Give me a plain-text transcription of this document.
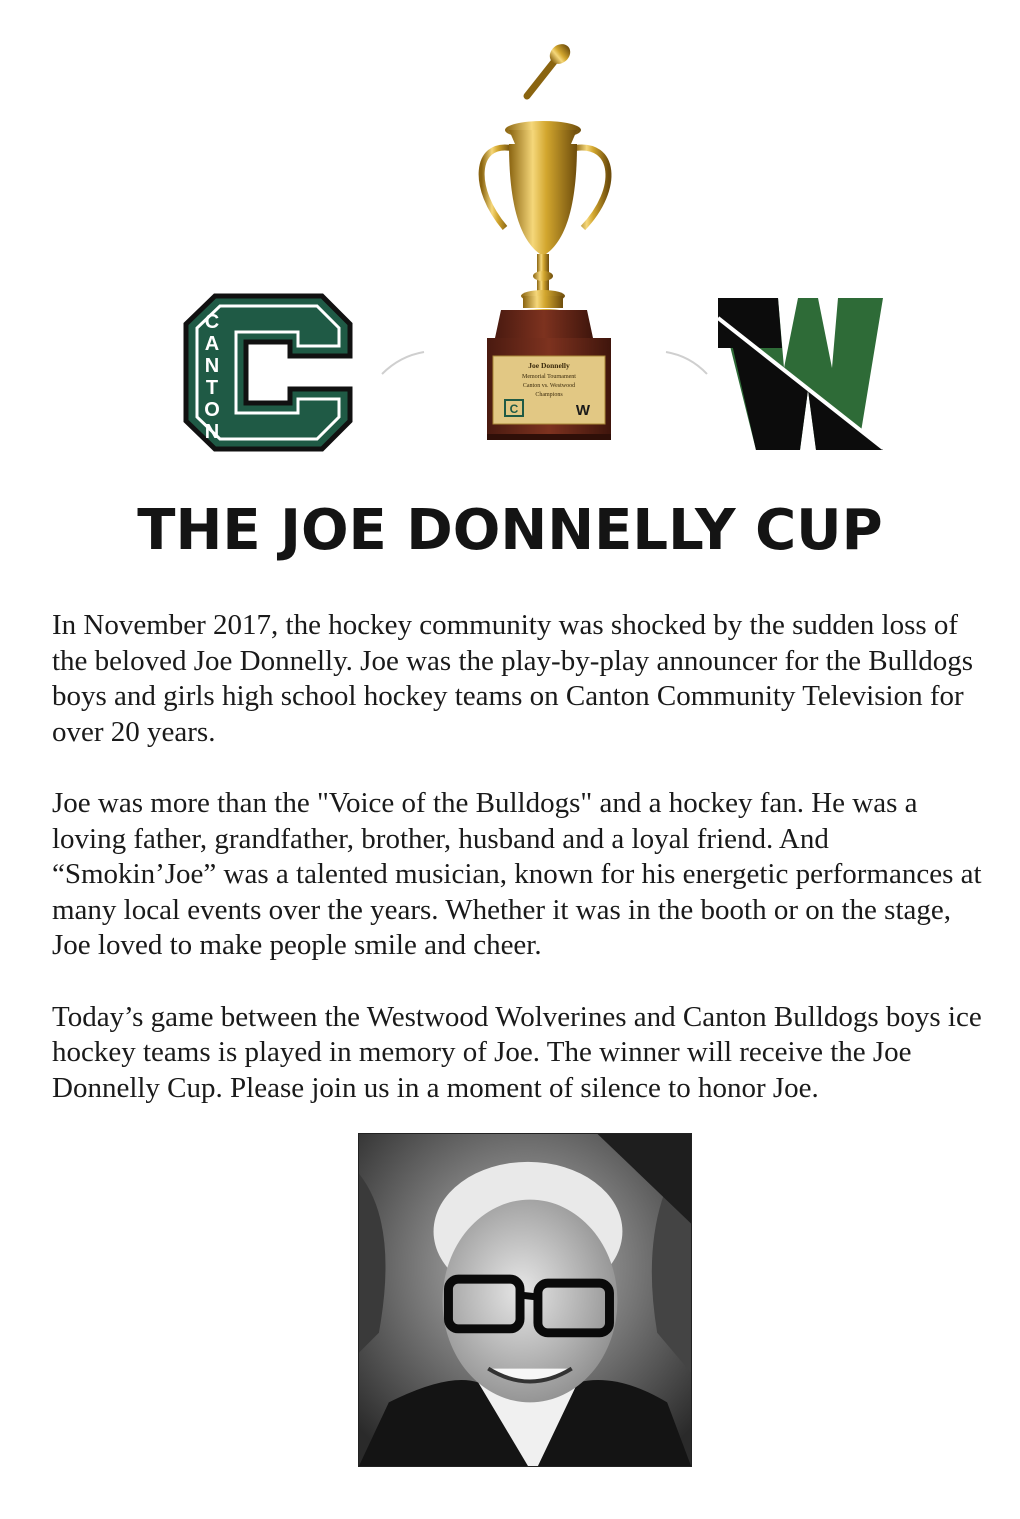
C
A
N
T
O
N
Joe Donnelly
Memorial Tournament
Canton vs. Westwood
Champions
C	W
THE JOE DONNELLY CUP

In November 2017, the hockey community was shocked by the sudden loss of the beloved Joe Donnelly. Joe was the play-by-play announcer for the Bulldogs boys and girls high school hockey teams on Canton Community Television for over 20 years.

Joe was more than the "Voice of the Bulldogs" and a hockey fan. He was a loving father, grandfather, brother, husband and a loyal friend. And “Smokin’Joe” was a talented musician, known for his energetic performances at many local events over the years. Whether it was in the booth or on the stage, Joe loved to make people smile and cheer.

Today’s game between the Westwood Wolverines and Canton Bulldogs boys ice hockey teams is played in memory of Joe. The winner will receive the Joe Donnelly Cup. Please join us in a moment of silence to honor Joe.
